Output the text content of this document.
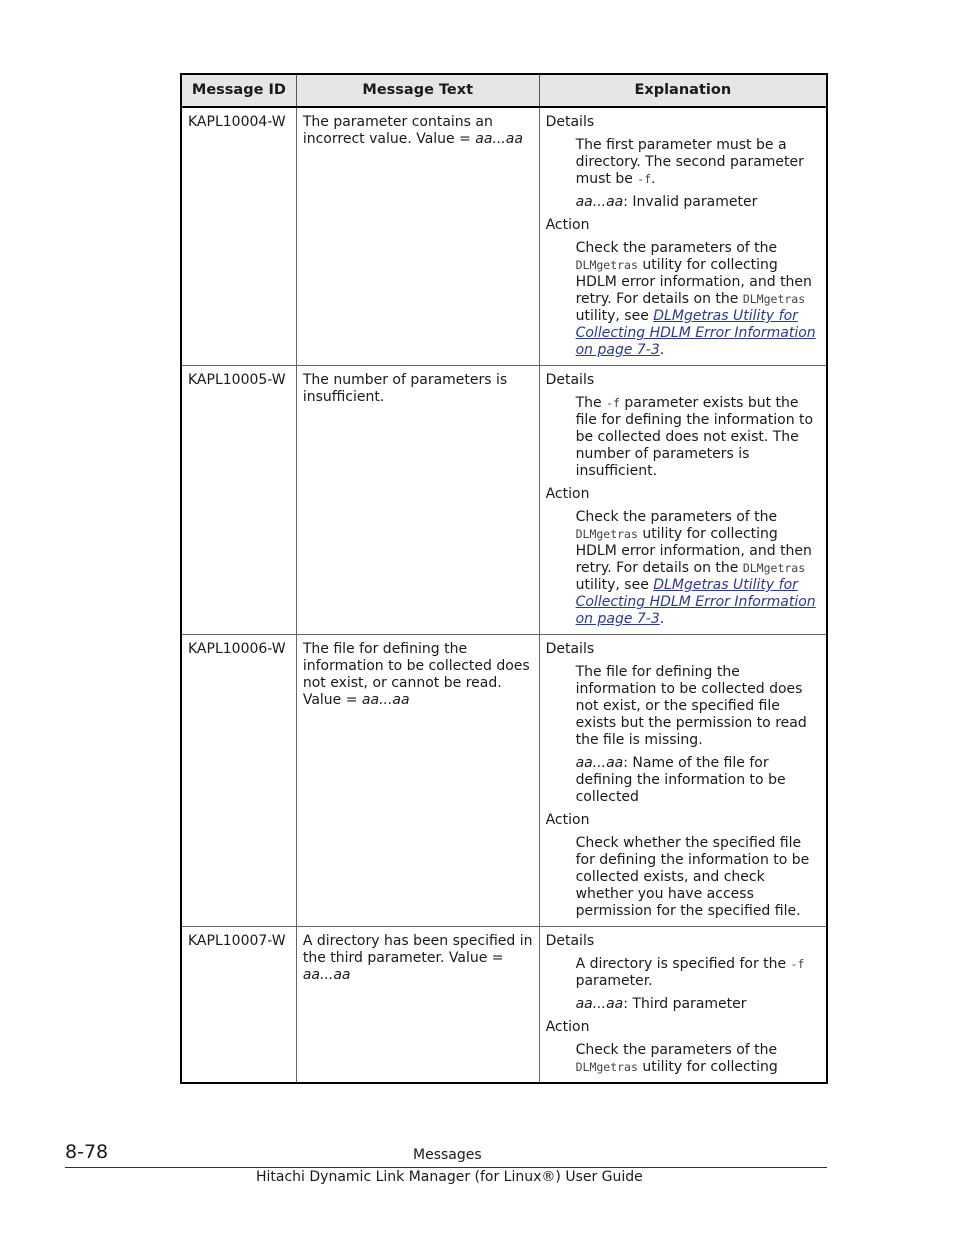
Message ID	Message Text	Explanation
KAPL10004-W	The parameter contains an incorrect value. Value = aa...aa	Details
The first parameter must be a directory. The second parameter must be -f.
aa...aa: Invalid parameter
Action
Check the parameters of the DLMgetras utility for collecting HDLM error information, and then retry. For details on the DLMgetras utility, see DLMgetras Utility for Collecting HDLM Error Information on page 7-3.

KAPL10005-W	The number of parameters is insufficient.	Details
The -f parameter exists but the file for defining the information to be collected does not exist. The number of parameters is insufficient.
Action
Check the parameters of the DLMgetras utility for collecting HDLM error information, and then retry. For details on the DLMgetras utility, see DLMgetras Utility for Collecting HDLM Error Information on page 7-3.

KAPL10006-W	The file for defining the information to be collected does not exist, or cannot be read. Value = aa...aa	Details
The file for defining the information to be collected does not exist, or the specified file exists but the permission to read the file is missing.
aa...aa: Name of the file for defining the information to be collected
Action
Check whether the specified file for defining the information to be collected exists, and check whether you have access permission for the specified file.

KAPL10007-W	A directory has been specified in the third parameter. Value = aa...aa	Details
A directory is specified for the -f parameter.
aa...aa: Third parameter
Action
Check the parameters of the DLMgetras utility for collecting
8-78	Messages
Hitachi Dynamic Link Manager (for Linux®) User Guide
